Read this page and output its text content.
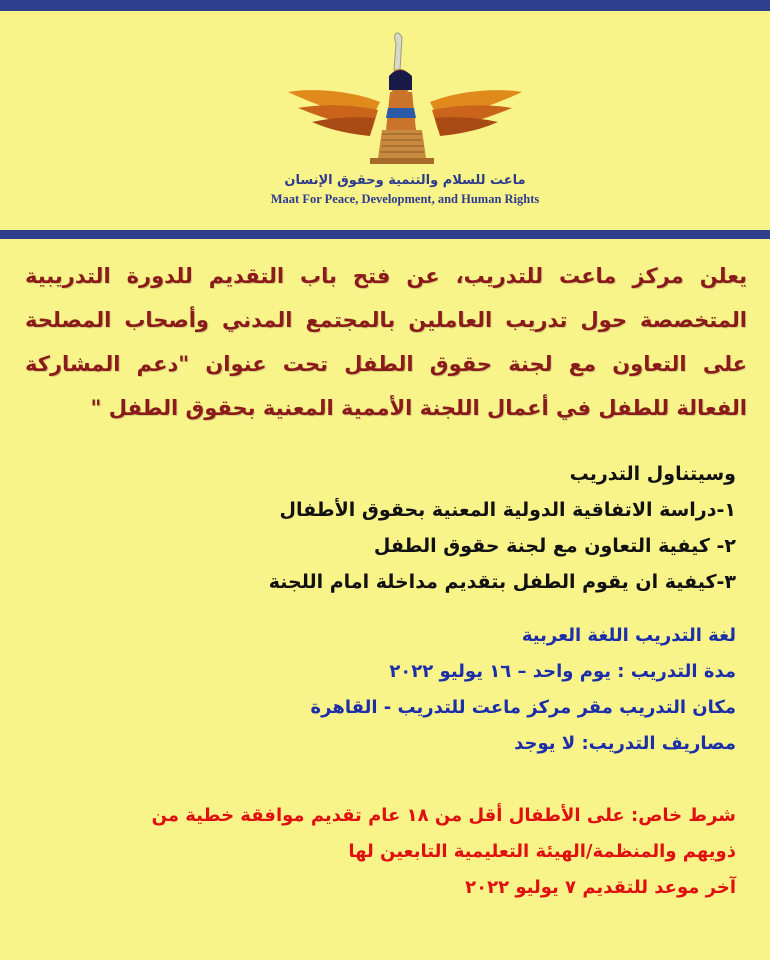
ماعت للسلام والتنمية وحقوق الإنسان
Maat For Peace, Development, and Human Rights
يعلن مركز ماعت للتدريب، عن فتح باب التقديم للدورة التدريبية
المتخصصة حول تدريب العاملين بالمجتمع المدني وأصحاب المصلحة
على التعاون مع لجنة حقوق الطفل تحت عنوان "دعم المشاركة
الفعالة للطفل في أعمال اللجنة الأممية المعنية بحقوق الطفل "
وسيتناول التدريب
١-دراسة الاتفاقية الدولية المعنية بحقوق الأطفال
٢- كيفية التعاون مع لجنة حقوق الطفل
٣-كيفية ان يقوم الطفل بتقديم مداخلة امام اللجنة
لغة التدريب اللغة العربية
مدة التدريب : يوم واحد – ١٦ يوليو ٢٠٢٢
مكان التدريب مقر مركز ماعت للتدريب - القاهرة
مصاريف التدريب: لا يوجد
شرط خاص: على الأطفال أقل من ١٨ عام تقديم موافقة خطية من
ذويهم والمنظمة/الهيئة التعليمية التابعين لها
آخر موعد للتقديم ٧ يوليو ٢٠٢٢
